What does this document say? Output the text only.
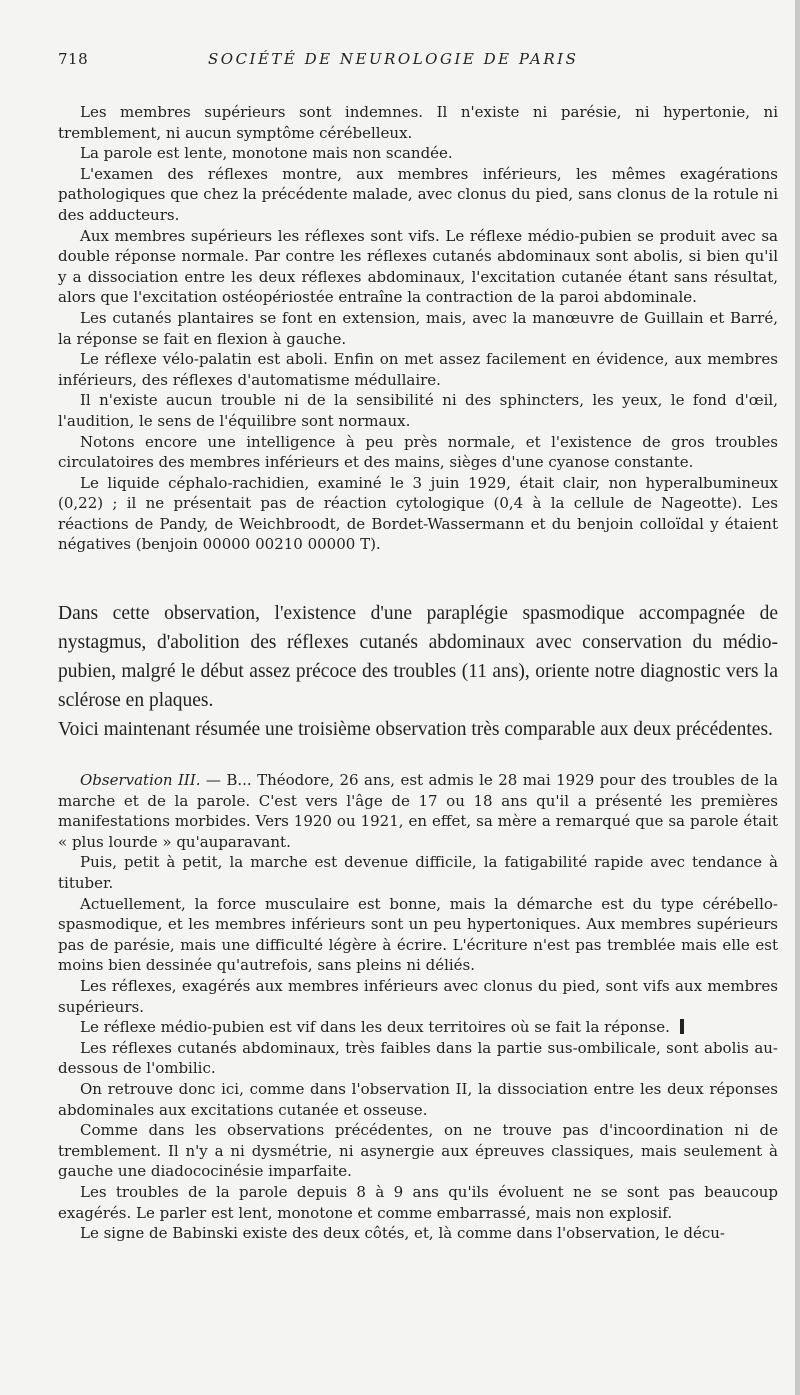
718	SOCIÉTÉ DE NEUROLOGIE DE PARIS

Les membres supérieurs sont indemnes. Il n'existe ni parésie, ni hypertonie, ni tremblement, ni aucun symptôme cérébelleux.

La parole est lente, monotone mais non scandée.

L'examen des réflexes montre, aux membres inférieurs, les mêmes exagérations pathologiques que chez la précédente malade, avec clonus du pied, sans clonus de la rotule ni des adducteurs.

Aux membres supérieurs les réflexes sont vifs. Le réflexe médio-pubien se produit avec sa double réponse normale. Par contre les réflexes cutanés abdominaux sont abolis, si bien qu'il y a dissociation entre les deux réflexes abdominaux, l'excitation cutanée étant sans résultat, alors que l'excitation ostéopériostée entraîne la contraction de la paroi abdominale.

Les cutanés plantaires se font en extension, mais, avec la manœuvre de Guillain et Barré, la réponse se fait en flexion à gauche.

Le réflexe vélo-palatin est aboli. Enfin on met assez facilement en évidence, aux membres inférieurs, des réflexes d'automatisme médullaire.

Il n'existe aucun trouble ni de la sensibilité ni des sphincters, les yeux, le fond d'œil, l'audition, le sens de l'équilibre sont normaux.

Notons encore une intelligence à peu près normale, et l'existence de gros troubles circulatoires des membres inférieurs et des mains, sièges d'une cyanose constante.

Le liquide céphalo-rachidien, examiné le 3 juin 1929, était clair, non hyperalbumineux (0,22) ; il ne présentait pas de réaction cytologique (0,4 à la cellule de Nageotte). Les réactions de Pandy, de Weichbroodt, de Bordet-Wassermann et du benjoin colloïdal y étaient négatives (benjoin 00000 00210 00000 T).

Dans cette observation, l'existence d'une paraplégie spasmodique accompagnée de nystagmus, d'abolition des réflexes cutanés abdominaux avec conservation du médio-pubien, malgré le début assez précoce des troubles (11 ans), oriente notre diagnostic vers la sclérose en plaques.

Voici maintenant résumée une troisième observation très comparable aux deux précédentes.

Observation III. — B... Théodore, 26 ans, est admis le 28 mai 1929 pour des troubles de la marche et de la parole. C'est vers l'âge de 17 ou 18 ans qu'il a présenté les premières manifestations morbides. Vers 1920 ou 1921, en effet, sa mère a remarqué que sa parole était « plus lourde » qu'auparavant.

Puis, petit à petit, la marche est devenue difficile, la fatigabilité rapide avec tendance à tituber.

Actuellement, la force musculaire est bonne, mais la démarche est du type cérébello-spasmodique, et les membres inférieurs sont un peu hypertoniques. Aux membres supérieurs pas de parésie, mais une difficulté légère à écrire. L'écriture n'est pas tremblée mais elle est moins bien dessinée qu'autrefois, sans pleins ni déliés.

Les réflexes, exagérés aux membres inférieurs avec clonus du pied, sont vifs aux membres supérieurs.

Le réflexe médio-pubien est vif dans les deux territoires où se fait la réponse.

Les réflexes cutanés abdominaux, très faibles dans la partie sus-ombilicale, sont abolis au-dessous de l'ombilic.

On retrouve donc ici, comme dans l'observation II, la dissociation entre les deux réponses abdominales aux excitations cutanée et osseuse.

Comme dans les observations précédentes, on ne trouve pas d'incoordination ni de tremblement. Il n'y a ni dysmétrie, ni asynergie aux épreuves classiques, mais seulement à gauche une diadococinésie imparfaite.

Les troubles de la parole depuis 8 à 9 ans qu'ils évoluent ne se sont pas beaucoup exagérés. Le parler est lent, monotone et comme embarrassé, mais non explosif.

Le signe de Babinski existe des deux côtés, et, là comme dans l'observation, le décu-
